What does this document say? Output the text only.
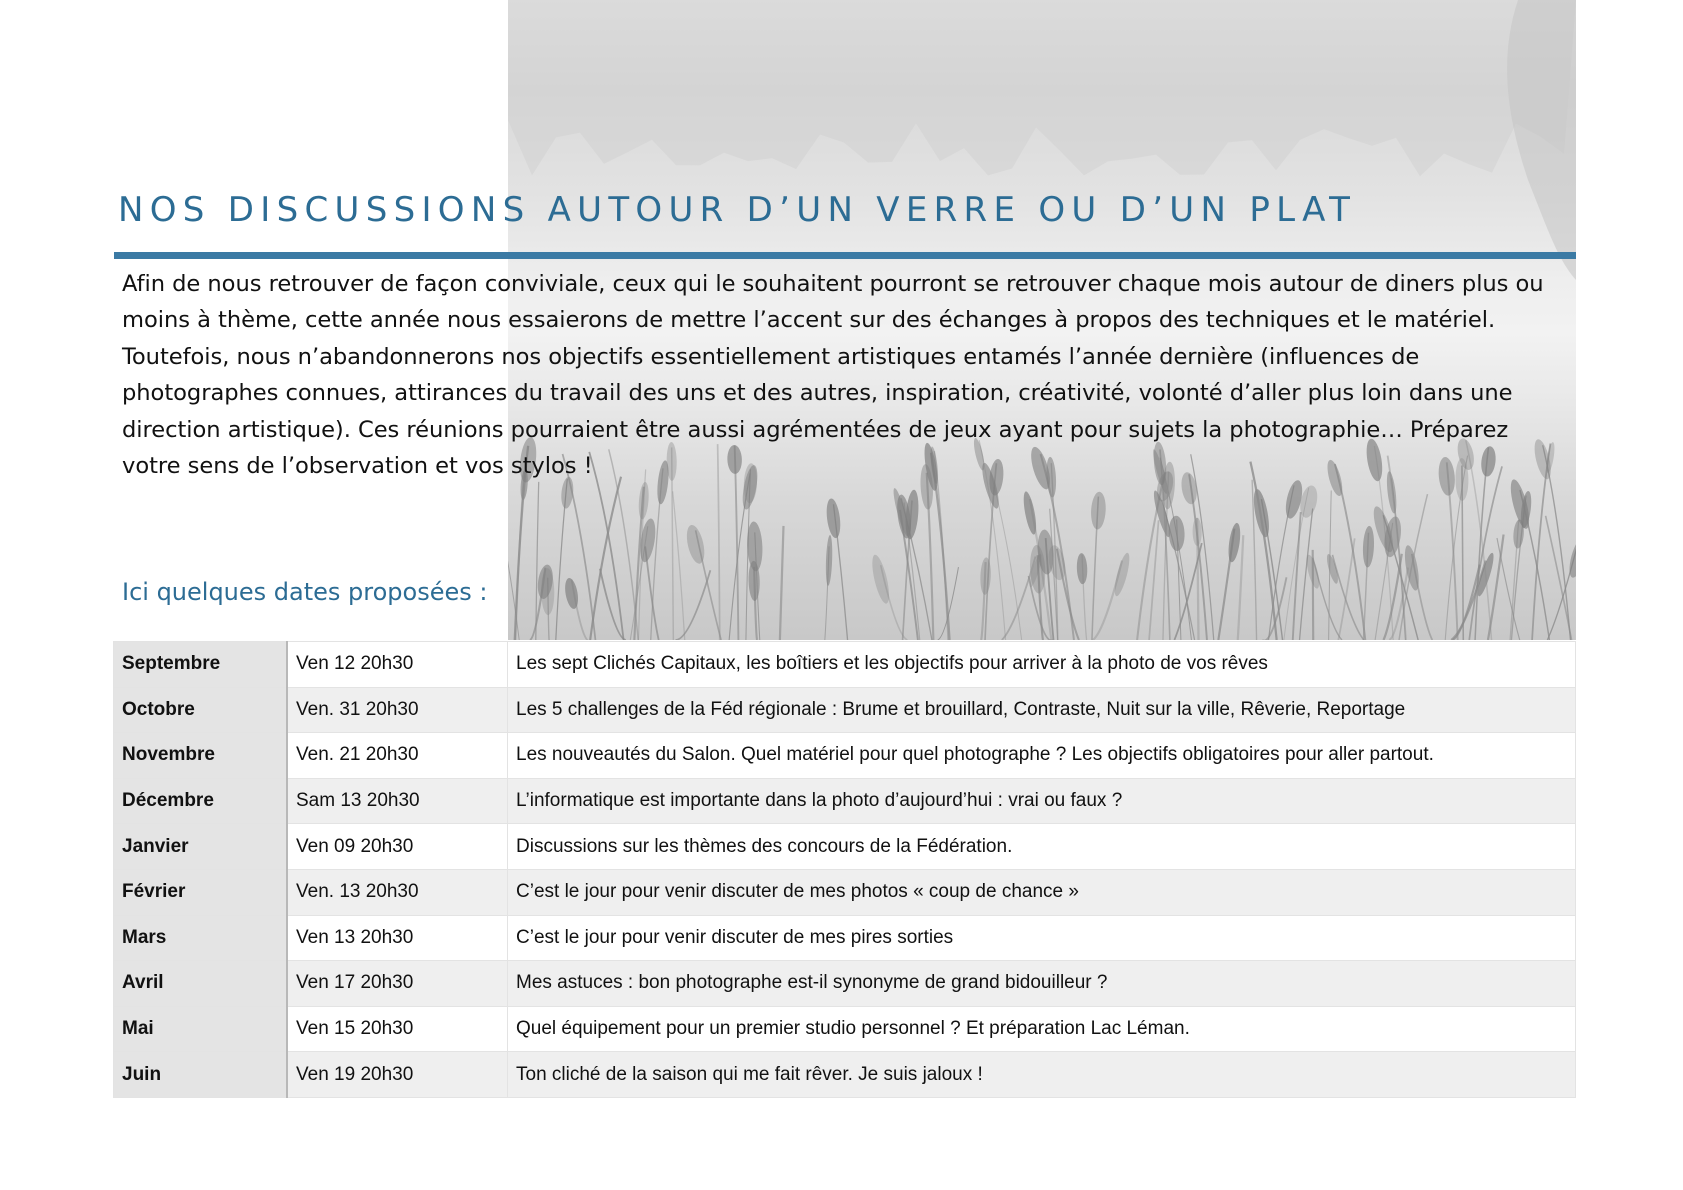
NOS DISCUSSIONS AUTOUR D’UN VERRE OU D’UN PLAT

Afin de nous retrouver de façon conviviale, ceux qui le souhaitent pourront se retrouver chaque mois autour de diners plus ou moins à thème, cette année nous essaierons de mettre l’accent sur des échanges à propos des techniques et le matériel. Toutefois, nous n’abandonnerons nos objectifs essentiellement artistiques entamés l’année dernière (influences de photographes connues, attirances du travail des uns et des autres, inspiration, créativité, volonté d’aller plus loin dans une direction artistique). Ces réunions pourraient être aussi agrémentées de jeux ayant pour sujets la photographie… Préparez votre sens de l’observation et vos stylos !

Ici quelques dates proposées :
Septembre	Ven 12 20h30	Les sept Clichés Capitaux, les boîtiers et les objectifs pour arriver à la photo de vos rêves
Octobre	Ven. 31 20h30	Les 5 challenges de la Féd régionale : Brume et brouillard, Contraste, Nuit sur la ville, Rêverie, Reportage
Novembre	Ven. 21 20h30	Les nouveautés du Salon. Quel matériel pour quel photographe ? Les objectifs obligatoires pour aller partout.
Décembre	Sam 13 20h30	L’informatique est importante dans la photo d’aujourd’hui : vrai ou faux ?
Janvier	Ven 09 20h30	Discussions sur les thèmes des concours de la Fédération.
Février	Ven. 13 20h30	C’est le jour pour venir discuter de mes photos « coup de chance »
Mars	Ven 13 20h30	C’est le jour pour venir discuter de mes pires sorties
Avril	Ven 17 20h30	Mes astuces : bon photographe est-il synonyme de grand bidouilleur ?
Mai	Ven 15 20h30	Quel équipement pour un premier studio personnel ? Et préparation Lac Léman.
Juin	Ven 19 20h30	Ton cliché de la saison qui me fait rêver. Je suis jaloux !
